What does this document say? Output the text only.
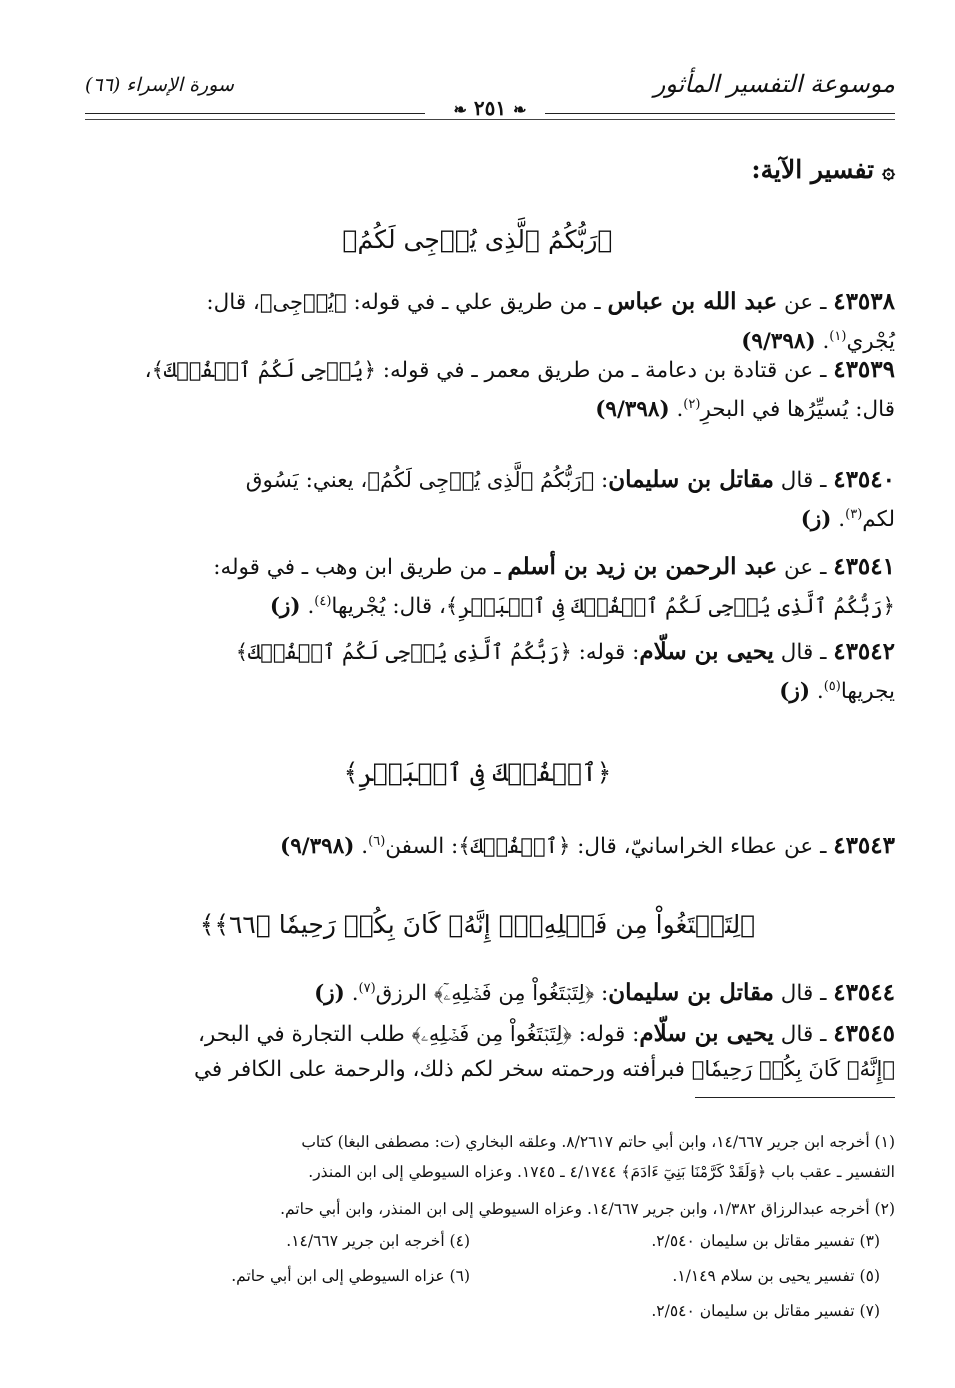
موسوعة التفسير المأثور
سورة الإسراء (٦٦)
❧ ٢٥١ ❧
۞تفسير الآية:
﴿رَبُّكُمُ ٱلَّذِى يُزۡجِى لَكُمُ﴾
٤٣٥٣٨ ـ عن عبد الله بن عباس ـ من طريق علي ـ في قوله: ﴿يُزۡجِى﴾، قال:
يُجْري$^{(١)}$. (٩/٣٩٨)
٤٣٥٣٩ ـ عن قتادة بن دعامة ـ من طريق معمر ـ في قوله: ﴿يُزۡجِى لَكُمُ ٱلۡفُلۡكَ﴾،
قال: يُسيِّرُها في البحرِ$^{(٢)}$. (٩/٣٩٨)
٤٣٥٤٠ ـ قال مقاتل بن سليمان: ﴿رَبُّكُمُ ٱلَّذِى يُزۡجِى لَكُمُ﴾، يعني: يَسُوق
لكم$^{(٣)}$. (ز)
٤٣٥٤١ ـ عن عبد الرحمن بن زيد بن أسلم ـ من طريق ابن وهب ـ في قوله:
﴿رَبُّكُمُ ٱلَّذِى يُزۡجِى لَكُمُ ٱلۡفُلۡكَ فِى ٱلۡبَحۡرِ﴾، قال: يُجْريها$^{(٤)}$. (ز)
٤٣٥٤٢ ـ قال يحيى بن سلّام: قوله: ﴿رَبُّكُمُ ٱلَّذِى يُزۡجِى لَكُمُ ٱلۡفُلۡكَ﴾
يجريها$^{(٥)}$. (ز)
﴿ٱلۡفُلۡكَ فِى ٱلۡبَحۡرِ﴾
٤٣٥٤٣ ـ عن عطاء الخراسانيّ، قال: ﴿ٱلۡفُلۡكَ﴾: السفن$^{(٦)}$. (٩/٣٩٨)
﴿لِتَبۡتَغُواْ مِن فَضۡلِهِۦٓۚ إِنَّهُۥ كَانَ بِكُمۡ رَحِيمٗا ﴿٦٦﴾﴾
٤٣٥٤٤ ـ قال مقاتل بن سليمان: ﴿لِتَبۡتَغُواْ مِن فَضۡلِهِۦٓ﴾ الرزق$^{(٧)}$. (ز)
٤٣٥٤٥ ـ قال يحيى بن سلّام: قوله: ﴿لِتَبۡتَغُواْ مِن فَضۡلِهِۦ﴾ طلب التجارة في البحر،
﴿إِنَّهُۥ كَانَ بِكُمۡ رَحِيمٗا﴾ فبرأفته ورحمته سخر لكم ذلك، والرحمة على الكافر في
(١) أخرجه ابن جرير ١٤/٦٦٧، وابن أبي حاتم ٨/٢٦١٧. وعلقه البخاري (ت: مصطفى البغا) كتاب
التفسير ـ عقب باب ﴿وَلَقَدْ كَرَّمْنَا بَنِيٓ ءَادَمَ﴾ ٤/١٧٤٤ ـ ١٧٤٥. وعزاه السيوطي إلى ابن المنذر.
(٢) أخرجه عبدالرزاق ١/٣٨٢، وابن جرير ١٤/٦٦٧. وعزاه السيوطي إلى ابن المنذر، وابن أبي حاتم.
(٣) تفسير مقاتل بن سليمان ٢/٥٤٠.
(٤) أخرجه ابن جرير ١٤/٦٦٧.
(٥) تفسير يحيى بن سلام ١/١٤٩.
(٦) عزاه السيوطي إلى ابن أبي حاتم.
(٧) تفسير مقاتل بن سليمان ٢/٥٤٠.
